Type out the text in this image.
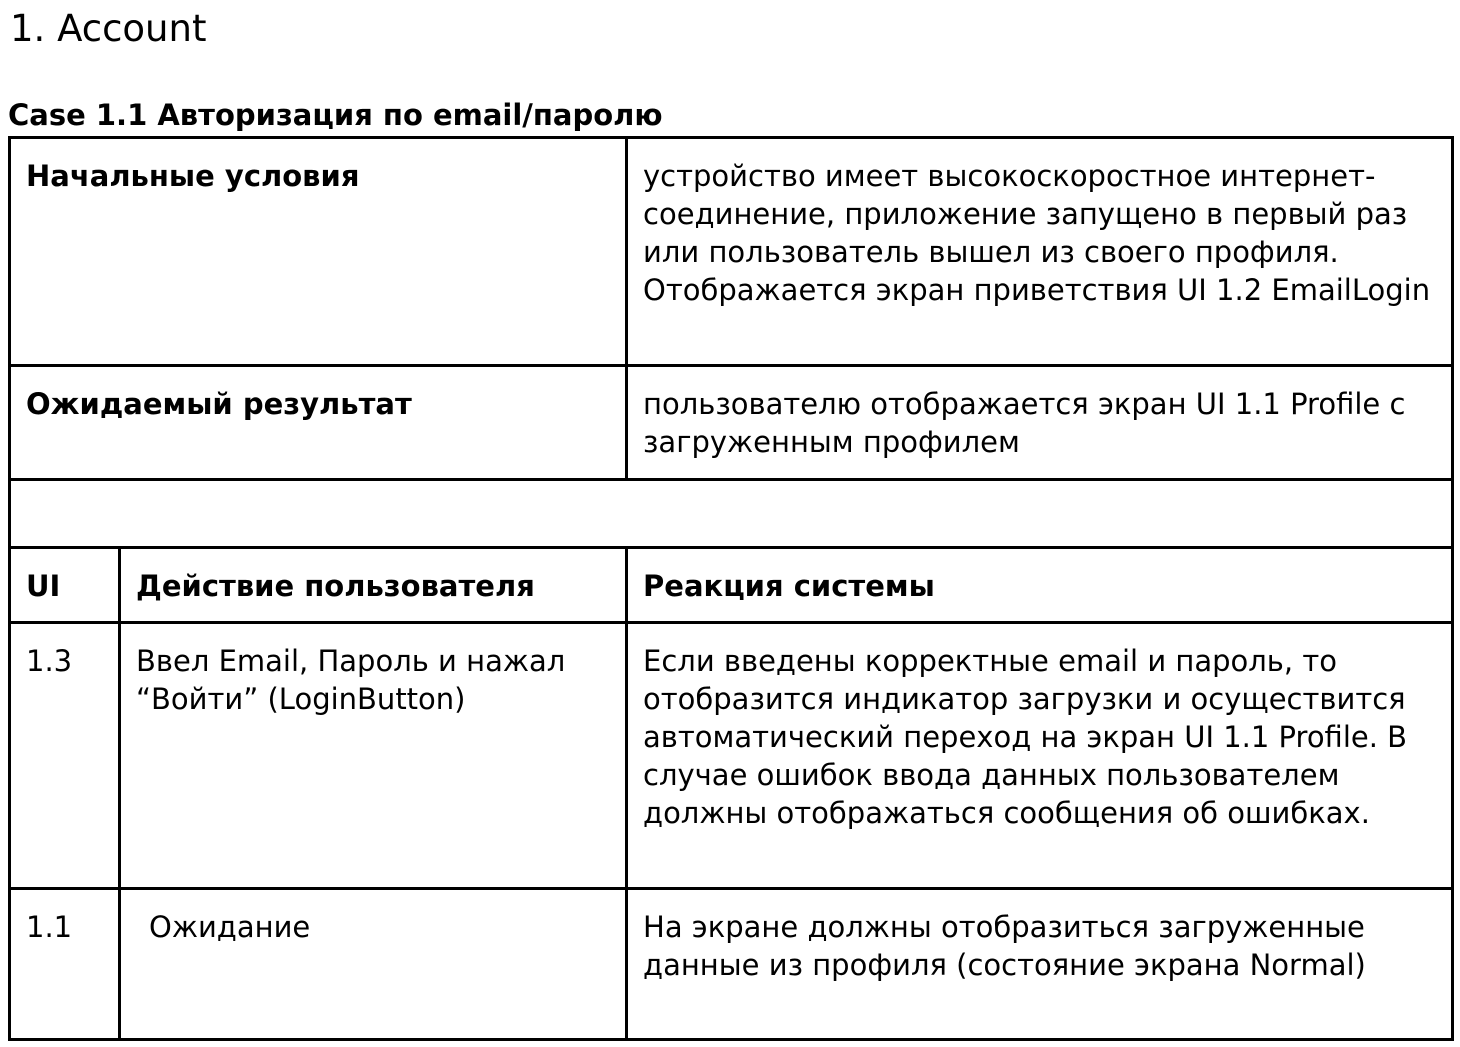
1. Account
Case 1.1 Авторизация по email/паролю
Начальные условия		устройство имеет высокоскоростное интернет-соединение, приложение запущено в первый раз или пользователь вышел из своего профиля. Отображается экран приветствия UI 1.2 EmailLogin
Ожидаемый результат		пользователю отображается экран UI 1.1 Profile с загруженным профилем

UI	Действие пользователя	Реакция системы
1.3	Ввел Email, Пароль и нажал “Войти” (LoginButton)	Если введены корректные email и пароль, то отобразится индикатор загрузки и осуществится автоматический переход на экран UI 1.1 Profile. В случае ошибок ввода данных пользователем должны отображаться сообщения об ошибках.
1.1	Ожидание	На экране должны отобразиться загруженные данные из профиля (состояние экрана Normal)
